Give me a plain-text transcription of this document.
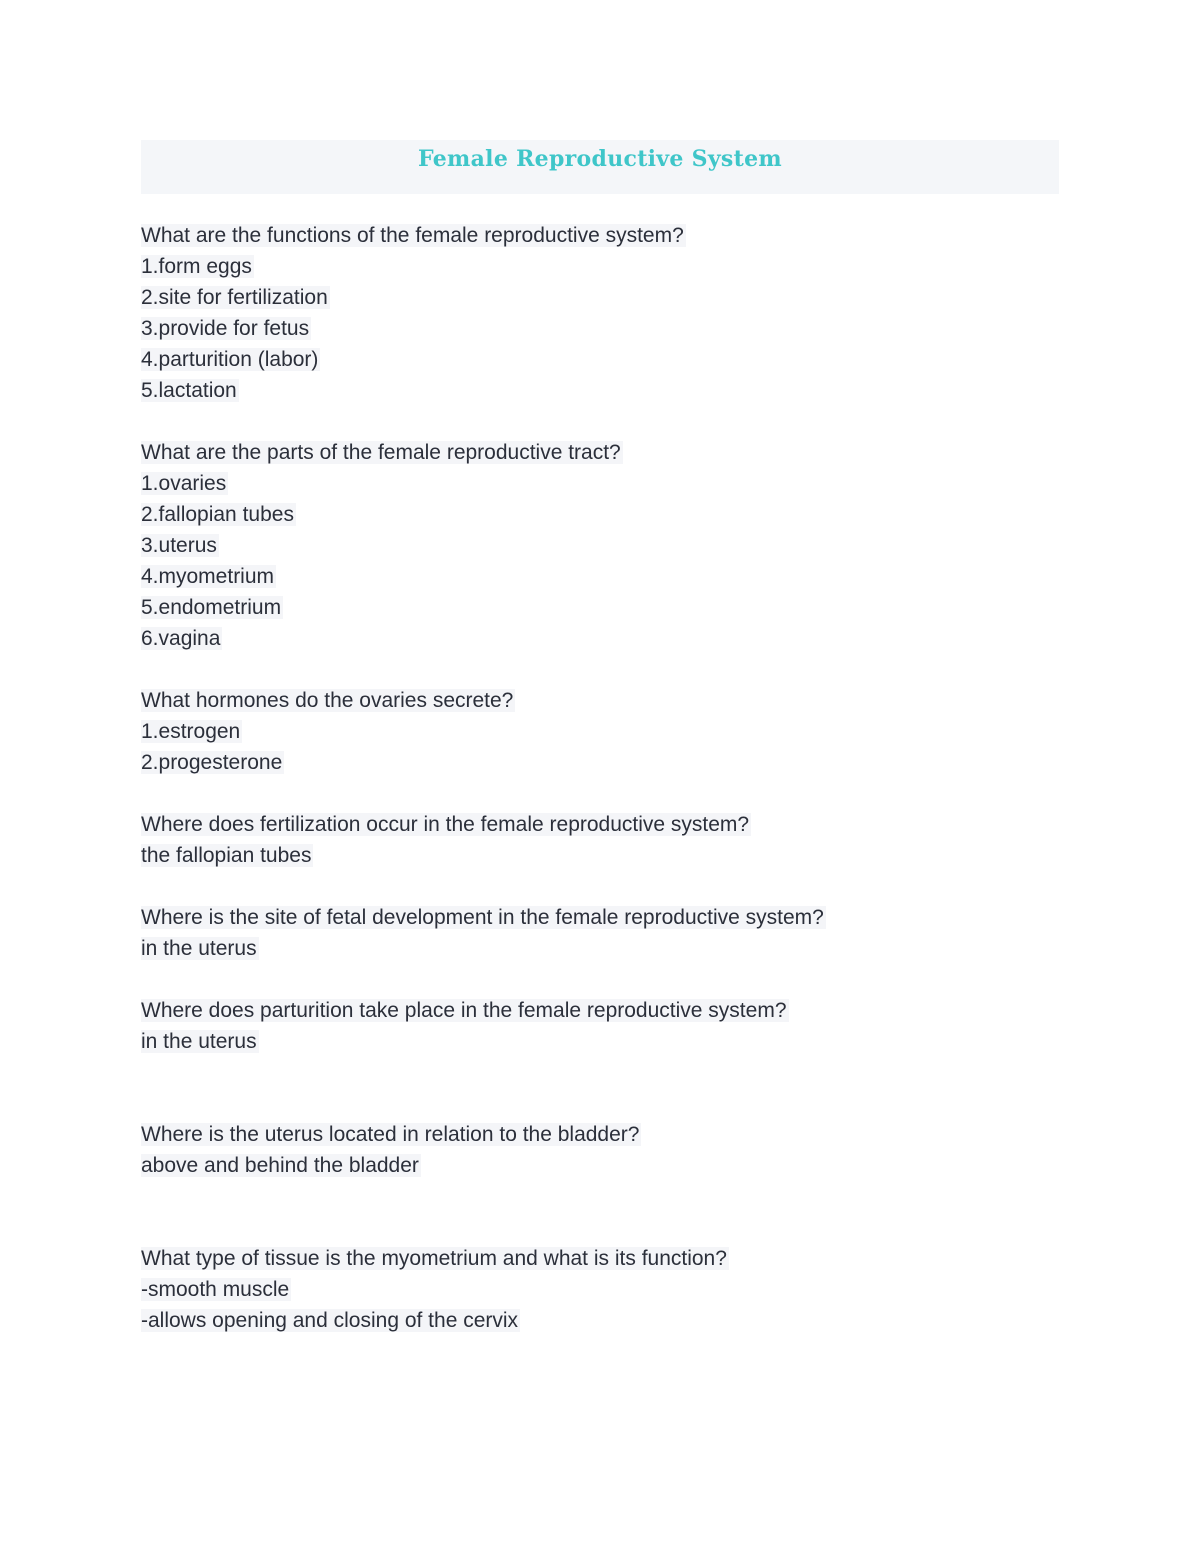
Female Reproductive System
What are the functions of the female reproductive system?
1.form eggs
2.site for fertilization
3.provide for fetus
4.parturition (labor)
5.lactation
What are the parts of the female reproductive tract?
1.ovaries
2.fallopian tubes
3.uterus
4.myometrium
5.endometrium
6.vagina
What hormones do the ovaries secrete?
1.estrogen
2.progesterone
Where does fertilization occur in the female reproductive system?
the fallopian tubes
Where is the site of fetal development in the female reproductive system?
in the uterus
Where does parturition take place in the female reproductive system?
in the uterus
Where is the uterus located in relation to the bladder?
above and behind the bladder
What type of tissue is the myometrium and what is its function?
-smooth muscle
-allows opening and closing of the cervix
